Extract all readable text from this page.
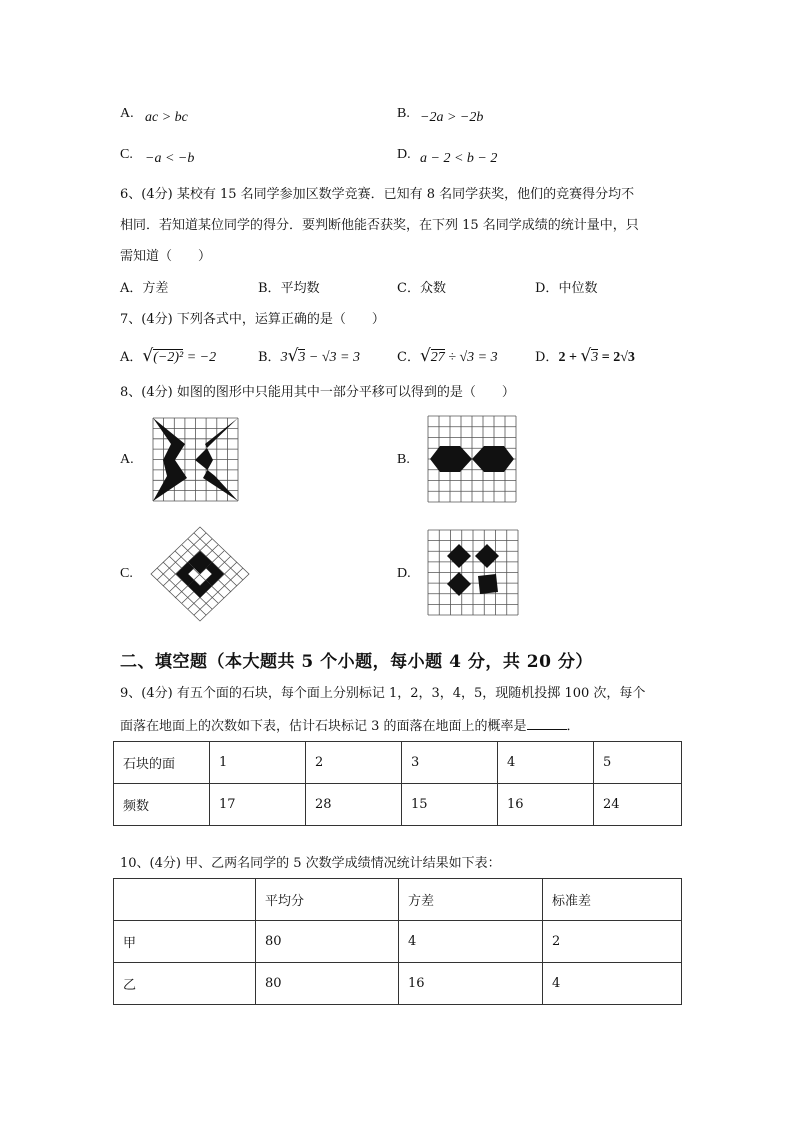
A. ac > bc	B. −2a > −2b
C. −a < −b	D. a − 2 < b − 2
6、(4分) 某校有 15 名同学参加区数学竞赛．已知有 8 名同学获奖，他们的竞赛得分均不
相同．若知道某位同学的得分．要判断他能否获奖，在下列 15 名同学成绩的统计量中，只
需知道（　　）
A．方差	B．平均数	C．众数	D．中位数
7、(4分) 下列各式中，运算正确的是（　　）
A．√(−2)² = −2	B．3√3 − √3 = 3	C．√27 ÷ √3 = 3	D．2 + √3 = 2√3
8、(4分) 如图的图形中只能用其中一部分平移可以得到的是（　　）
A.	B.
C.	D.
二、填空题（本大题共 5 个小题，每小题 4 分，共 20 分）
9、(4分) 有五个面的石块，每个面上分别标记 1，2，3，4，5，现随机投掷 100 次，每个
面落在地面上的次数如下表，估计石块标记 3 的面落在地面上的概率是	．
石块的面	1	2	3	4	5
频数	17	28	15	16	24
10、(4分) 甲、乙两名同学的 5 次数学成绩情况统计结果如下表：
	平均分	方差	标准差
甲	80	4	2
乙	80	16	4
